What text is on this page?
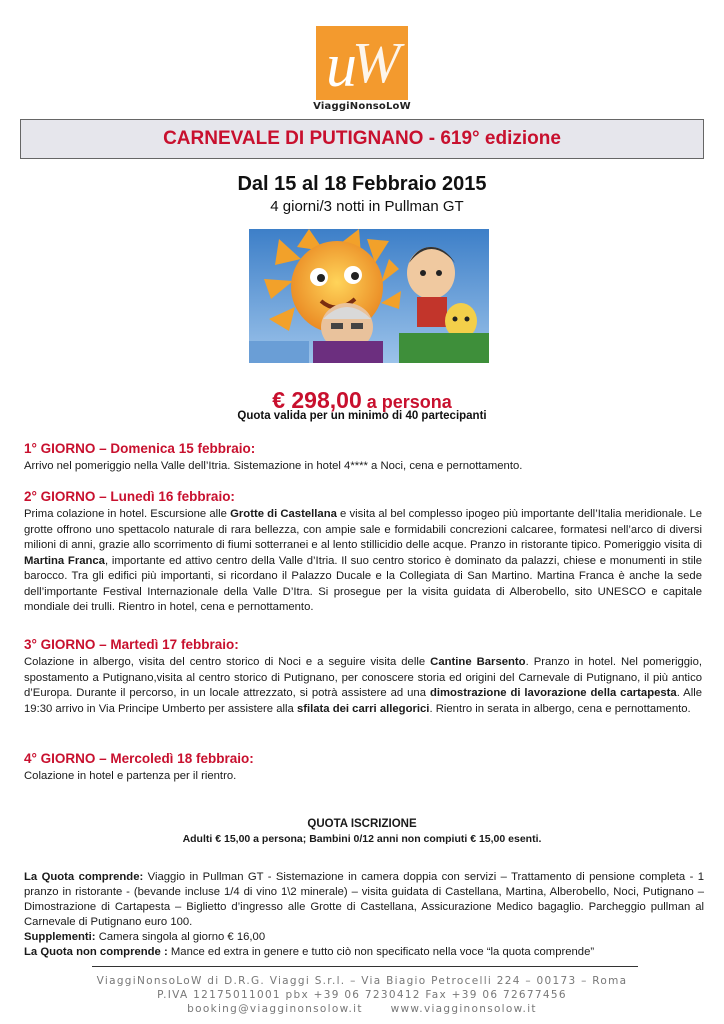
u
W
ViaggiNonsoLoW
CARNEVALE DI PUTIGNANO - 619° edizione
Dal 15 al 18 Febbraio 2015
4 giorni/3 notti in Pullman GT
€ 298,00 a persona
Quota valida per un minimo di 40 partecipanti
1° GIORNO – Domenica 15 febbraio:
Arrivo nel pomeriggio nella Valle dell’Itria. Sistemazione in hotel 4**** a Noci, cena e pernottamento.
2° GIORNO – Lunedì 16 febbraio:
Prima colazione in hotel. Escursione alle Grotte di Castellana e visita al bel complesso ipogeo più importante dell’Italia meridionale. Le grotte offrono uno spettacolo naturale di rara bellezza, con ampie sale e formidabili concrezioni calcaree, formatesi nell’arco di diversi milioni di anni, grazie allo scorrimento di fiumi sotterranei e al lento stillicidio delle acque. Pranzo in ristorante tipico. Pomeriggio visita di Martina Franca, importante ed attivo centro della Valle d’Itria. Il suo centro storico è dominato da palazzi, chiese e monumenti in stile barocco. Tra gli edifici più importanti, si ricordano il Palazzo Ducale e la Collegiata di San Martino. Martina Franca è anche la sede dell’importante Festival Internazionale della Valle D’Itra. Si prosegue per la visita guidata di Alberobello, sito UNESCO e capitale mondiale dei trulli. Rientro in hotel, cena e pernottamento.
3° GIORNO – Martedì 17 febbraio:
Colazione in albergo, visita del centro storico di Noci e a seguire visita delle Cantine Barsento. Pranzo in hotel. Nel pomeriggio, spostamento a Putignano,visita al centro storico di Putignano, per conoscere storia ed origini del Carnevale di Putignano, il più antico d’Europa. Durante il percorso, in un locale attrezzato, si potrà assistere ad una dimostrazione di lavorazione della cartapesta. Alle 19:30 arrivo in Via Principe Umberto per assistere alla sfilata dei carri allegorici. Rientro in serata in albergo, cena e pernottamento.
4° GIORNO – Mercoledì 18 febbraio:
Colazione in hotel e partenza per il rientro.
QUOTA ISCRIZIONE
Adulti € 15,00 a persona; Bambini 0/12 anni non compiuti € 15,00 esenti.
La Quota comprende: Viaggio in Pullman GT - Sistemazione in camera doppia con servizi – Trattamento di pensione completa - 1 pranzo in ristorante - (bevande incluse 1/4 di vino 1\2 minerale) – visita guidata di Castellana, Martina, Alberobello, Noci, Putignano – Dimostrazione di Cartapesta – Biglietto d’ingresso alle Grotte di Castellana, Assicurazione Medico bagaglio. Parcheggio pullman al Carnevale di Putignano euro 100.
Supplementi: Camera singola al giorno € 16,00
La Quota non comprende : Mance ed extra in genere e tutto ciò non specificato nella voce “la quota comprende”
ViaggiNonsoLoW di D.R.G. Viaggi S.r.l. – Via Biagio Petrocelli 224 – 00173 – Roma
P.IVA 12175011001 pbx +39 06 7230412 Fax +39 06 72677456
booking@viagginonsolow.it	www.viagginonsolow.it
